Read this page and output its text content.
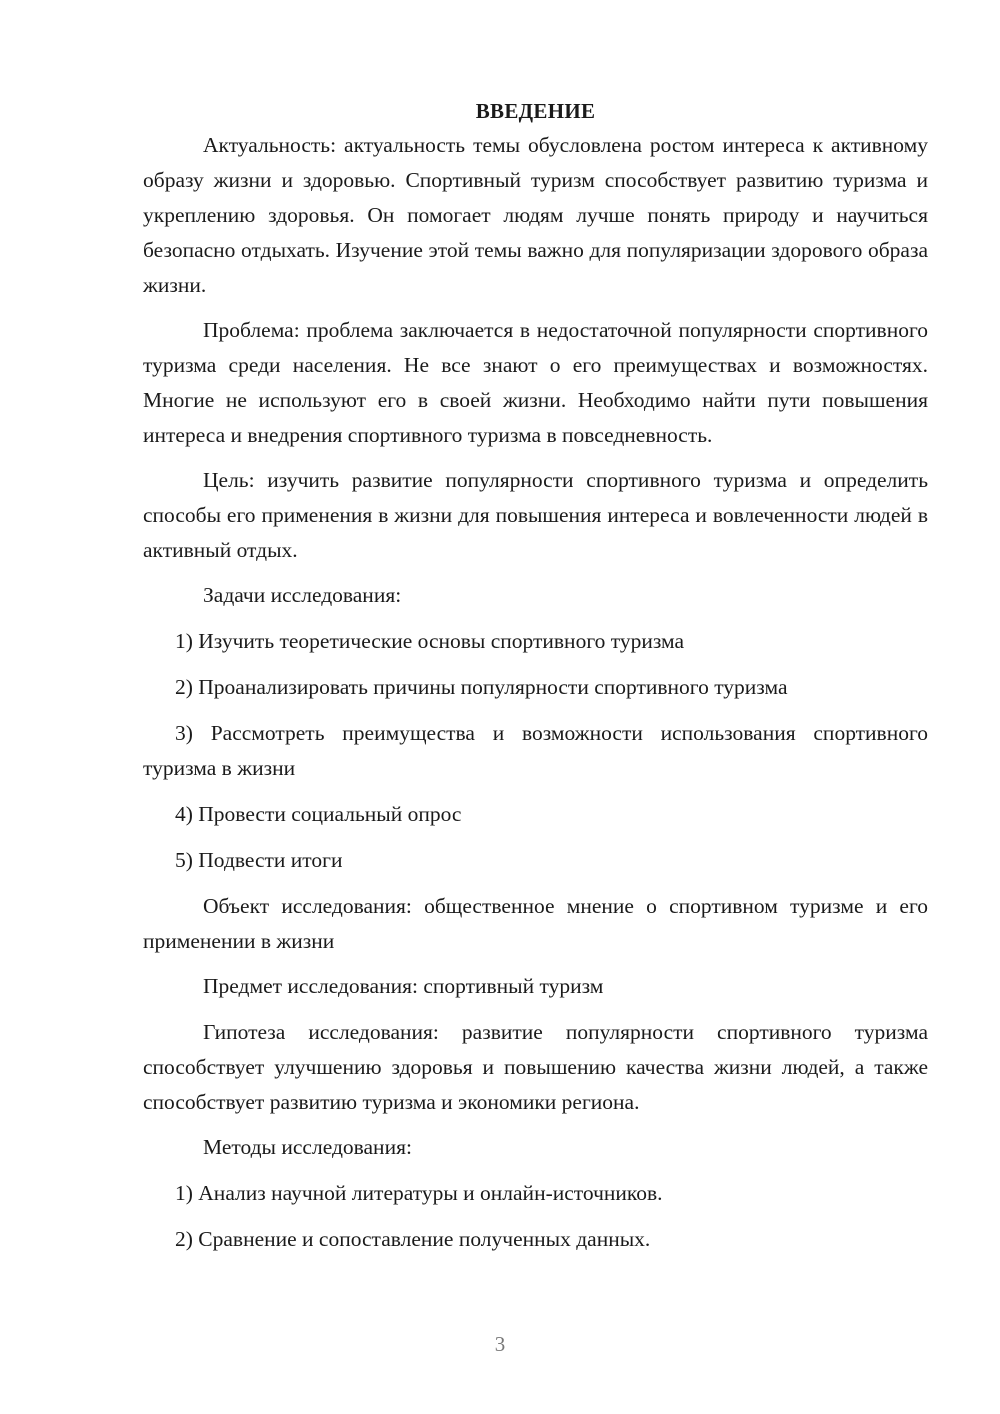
ВВЕДЕНИЕ
Актуальность: актуальность темы обусловлена ростом интереса к активному образу жизни и здоровью. Спортивный туризм способствует развитию туризма и укреплению здоровья. Он помогает людям лучше понять природу и научиться безопасно отдыхать. Изучение этой темы важно для популяризации здорового образа жизни.
Проблема: проблема заключается в недостаточной популярности спортивного туризма среди населения. Не все знают о его преимуществах и возможностях. Многие не используют его в своей жизни. Необходимо найти пути повышения интереса и внедрения спортивного туризма в повседневность.
Цель: изучить развитие популярности спортивного туризма и определить способы его применения в жизни для повышения интереса и вовлеченности людей в активный отдых.
Задачи исследования:
1) Изучить теоретические основы спортивного туризма
2) Проанализировать причины популярности спортивного туризма
3) Рассмотреть преимущества и возможности использования спортивного туризма в жизни
4) Провести социальный опрос
5) Подвести итоги
Объект исследования: общественное мнение о спортивном туризме и его применении в жизни
Предмет исследования: спортивный туризм
Гипотеза исследования: развитие популярности спортивного туризма способствует улучшению здоровья и повышению качества жизни людей, а также способствует развитию туризма и экономики региона.
Методы исследования:
1) Анализ научной литературы и онлайн-источников.
2) Сравнение и сопоставление полученных данных.
3
